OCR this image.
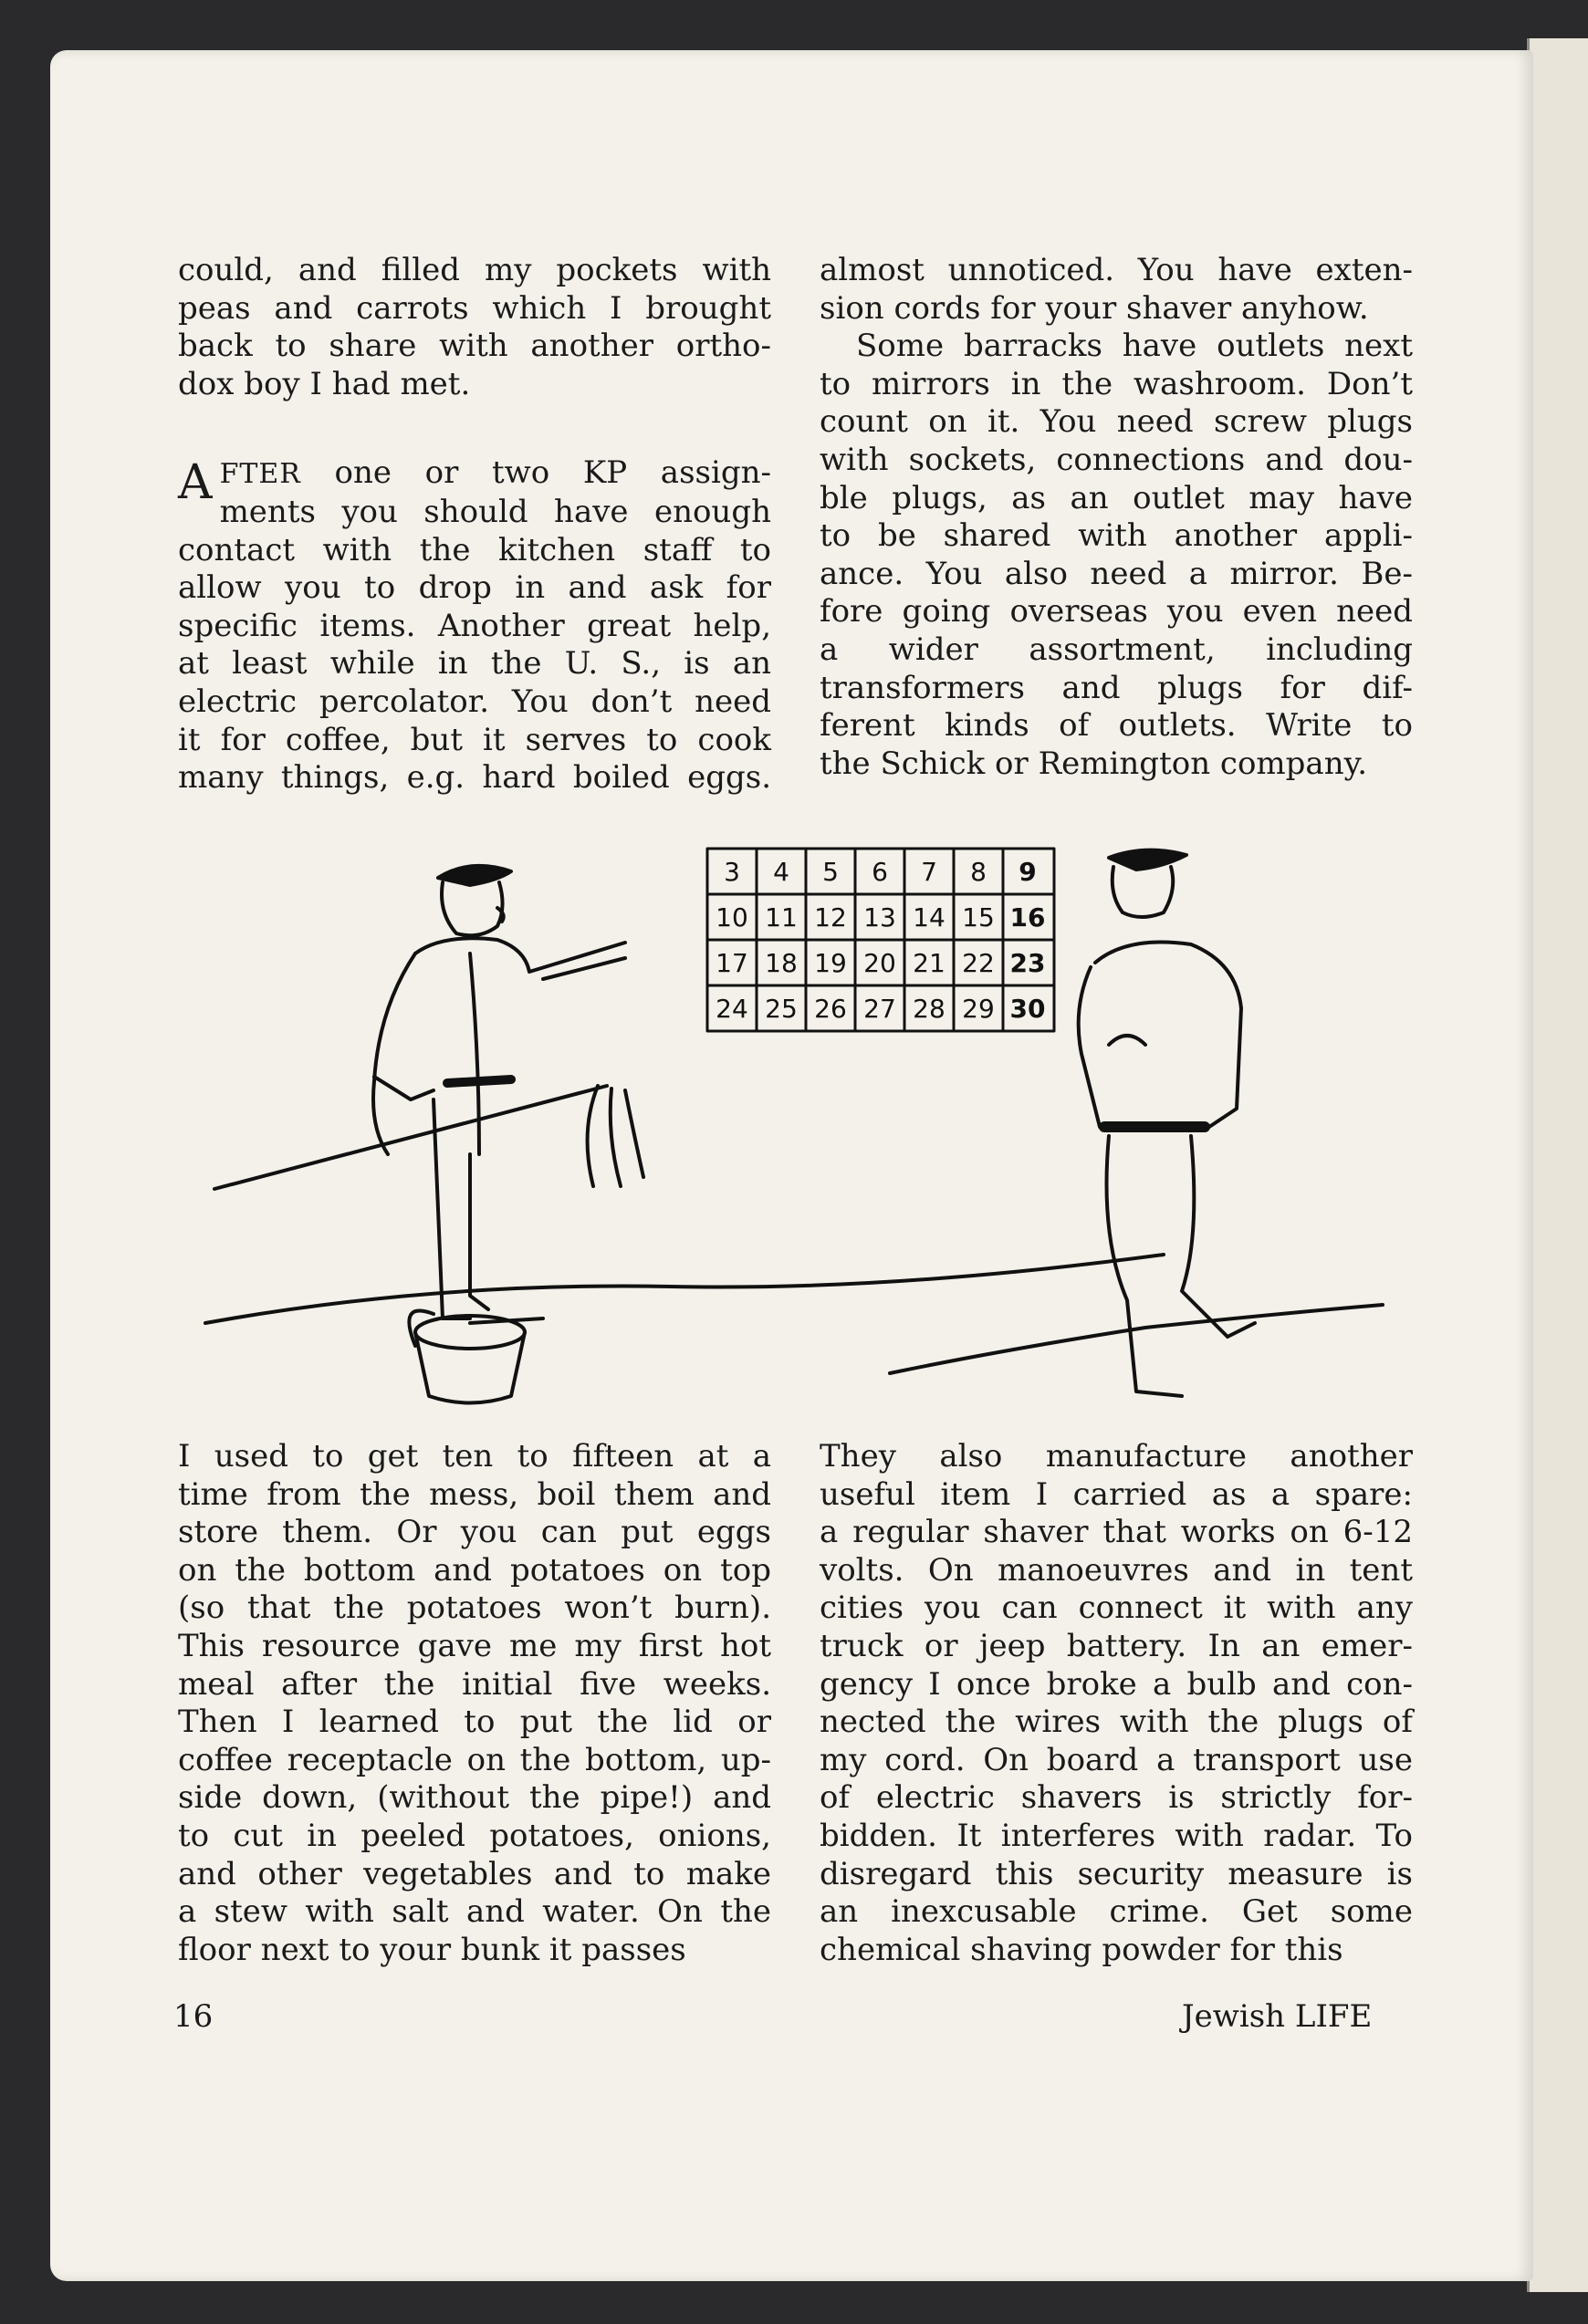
could, and filled my pockets with

peas and carrots which I brought

back to share with another ortho-

dox boy I had met.

A FTER one or two KP assign-

ments you should have enough

contact with the kitchen staff to

allow you to drop in and ask for

specific items. Another great help,

at least while in the U. S., is an

electric percolator. You don’t need

it for coffee, but it serves to cook

many things, e.g. hard boiled eggs.

almost unnoticed. You have exten-

sion cords for your shaver anyhow.

Some barracks have outlets next

to mirrors in the washroom. Don’t

count on it. You need screw plugs

with sockets, connections and dou-

ble plugs, as an outlet may have

to be shared with another appli-

ance. You also need a mirror. Be-

fore going overseas you even need

a wider assortment, including

transformers and plugs for dif-

ferent kinds of outlets. Write to

the Schick or Remington company.

3 4 5 6 7 8 9
10 11 12 13 14 15 16
17 18 19 20 21 22 23
24 25 26 27 28 29 30

I used to get ten to fifteen at a

time from the mess, boil them and

store them. Or you can put eggs

on the bottom and potatoes on top

(so that the potatoes won’t burn).

This resource gave me my first hot

meal after the initial five weeks.

Then I learned to put the lid or

coffee receptacle on the bottom, up-

side down, (without the pipe!) and

to cut in peeled potatoes, onions,

and other vegetables and to make

a stew with salt and water. On the

floor next to your bunk it passes

They also manufacture another

useful item I carried as a spare:

a regular shaver that works on 6-12

volts. On manoeuvres and in tent

cities you can connect it with any

truck or jeep battery. In an emer-

gency I once broke a bulb and con-

nected the wires with the plugs of

my cord. On board a transport use

of electric shavers is strictly for-

bidden. It interferes with radar. To

disregard this security measure is

an inexcusable crime. Get some

chemical shaving powder for this

16	Jewish LIFE
